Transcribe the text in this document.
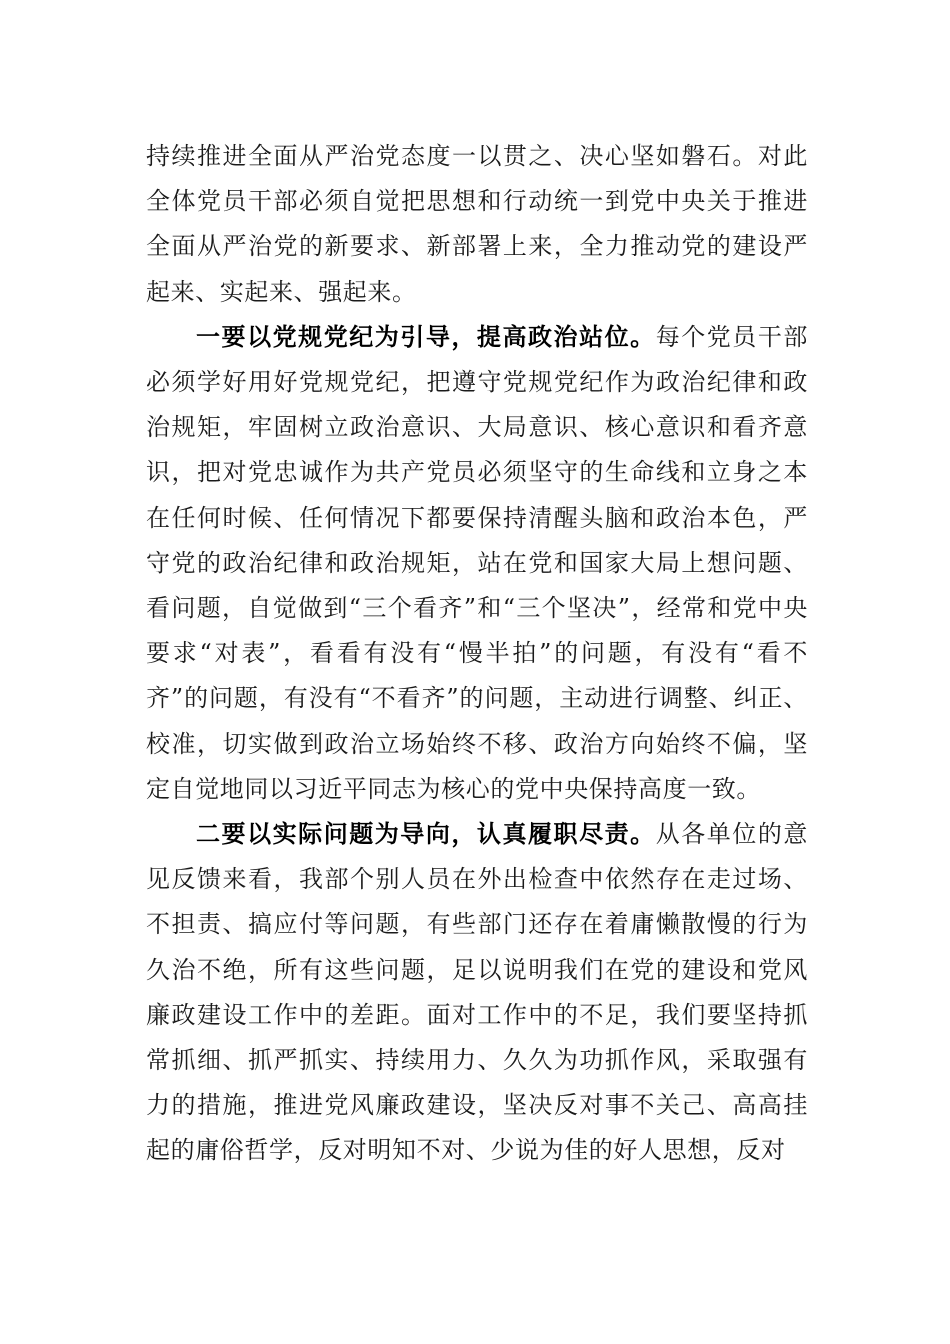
持续推进全面从严治党态度一以贯之、决心坚如磐石。对此全体党员干部必须自觉把思想和行动统一到党中央关于推进全面从严治党的新要求、新部署上来，全力推动党的建设严起来、实起来、强起来。

一要以党规党纪为引导，提高政治站位。每个党员干部必须学好用好党规党纪，把遵守党规党纪作为政治纪律和政治规矩，牢固树立政治意识、大局意识、核心意识和看齐意识，把对党忠诚作为共产党员必须坚守的生命线和立身之本在任何时候、任何情况下都要保持清醒头脑和政治本色，严守党的政治纪律和政治规矩，站在党和国家大局上想问题、看问题，自觉做到“三个看齐”和“三个坚决”，经常和党中央要求“对表”，看看有没有“慢半拍”的问题，有没有“看不齐”的问题，有没有“不看齐”的问题，主动进行调整、纠正、校准，切实做到政治立场始终不移、政治方向始终不偏，坚定自觉地同以习近平同志为核心的党中央保持高度一致。

二要以实际问题为导向，认真履职尽责。从各单位的意见反馈来看，我部个别人员在外出检查中依然存在走过场、不担责、搞应付等问题，有些部门还存在着庸懒散慢的行为久治不绝，所有这些问题，足以说明我们在党的建设和党风廉政建设工作中的差距。面对工作中的不足，我们要坚持抓常抓细、抓严抓实、持续用力、久久为功抓作风，采取强有力的措施，推进党风廉政建设，坚决反对事不关己、高高挂起的庸俗哲学，反对明知不对、少说为佳的好人思想，反对
